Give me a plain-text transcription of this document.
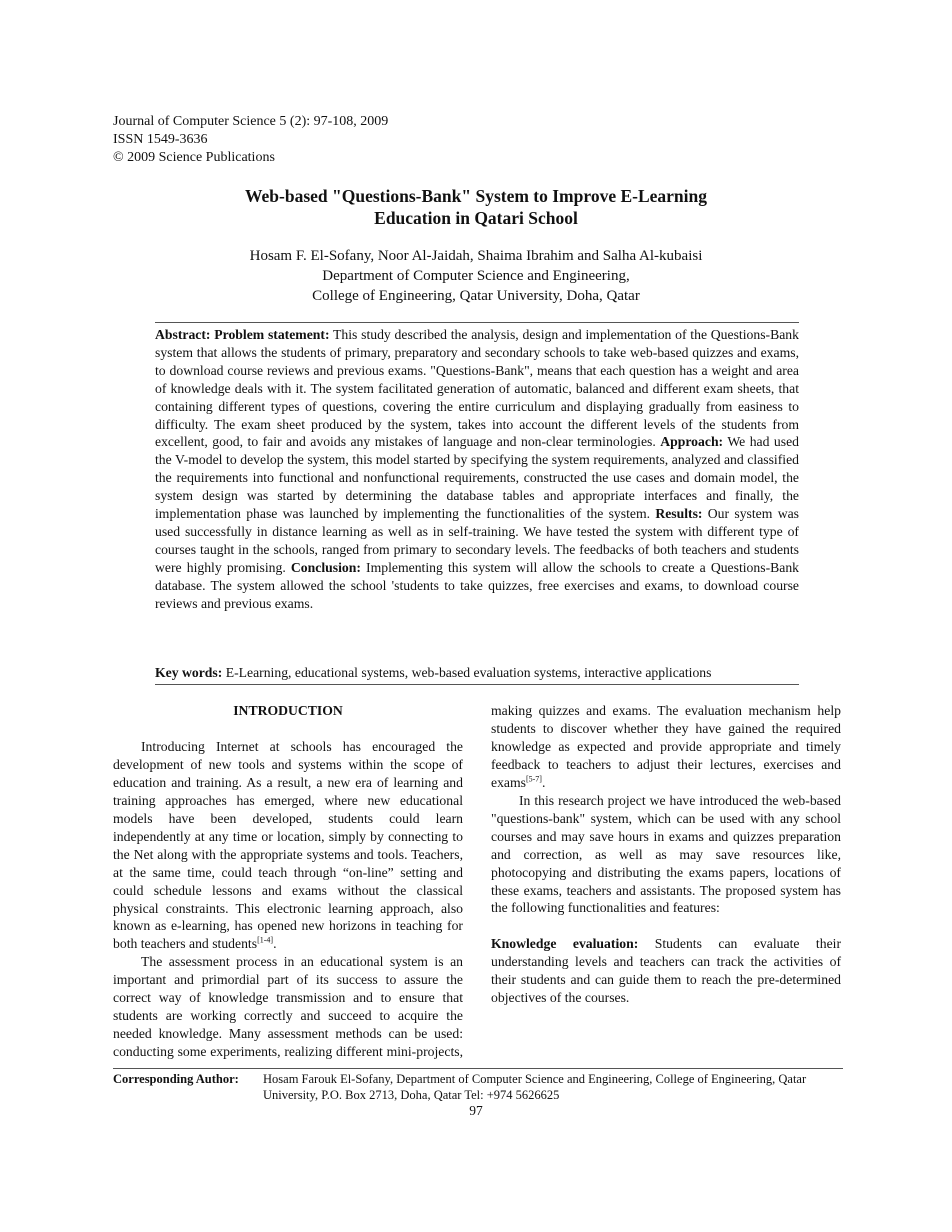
Journal of Computer Science 5 (2): 97-108, 2009
ISSN 1549-3636
© 2009 Science Publications
Web-based "Questions-Bank" System to Improve E-Learning
Education in Qatari School
Hosam F. El-Sofany, Noor Al-Jaidah, Shaima Ibrahim and Salha Al-kubaisi
Department of Computer Science and Engineering,
College of Engineering, Qatar University, Doha, Qatar
Abstract: Problem statement: This study described the analysis, design and implementation of the Questions-Bank system that allows the students of primary, preparatory and secondary schools to take web-based quizzes and exams, to download course reviews and previous exams. "Questions-Bank", means that each question has a weight and area of knowledge deals with it. The system facilitated generation of automatic, balanced and different exam sheets, that containing different types of questions, covering the entire curriculum and displaying gradually from easiness to difficulty. The exam sheet produced by the system, takes into account the different levels of the students from excellent, good, to fair and avoids any mistakes of language and non-clear terminologies. Approach: We had used the V-model to develop the system, this model started by specifying the system requirements, analyzed and classified the requirements into functional and nonfunctional requirements, constructed the use cases and domain model, the system design was started by determining the database tables and appropriate interfaces and finally, the implementation phase was launched by implementing the functionalities of the system. Results: Our system was used successfully in distance learning as well as in self-training. We have tested the system with different type of courses taught in the schools, ranged from primary to secondary levels. The feedbacks of both teachers and students were highly promising. Conclusion: Implementing this system will allow the schools to create a Questions-Bank database. The system allowed the school 'students to take quizzes, free exercises and exams, to download course reviews and previous exams.
Key words: E-Learning, educational systems, web-based evaluation systems, interactive applications

INTRODUCTION

Introducing Internet at schools has encouraged the development of new tools and systems within the scope of education and training. As a result, a new era of learning and training approaches has emerged, where new educational models have been developed, students could learn independently at any time or location, simply by connecting to the Net along with the appropriate systems and tools. Teachers, at the same time, could teach through “on-line” setting and could schedule lessons and exams without the classical physical constraints. This electronic learning approach, also known as e-learning, has opened new horizons in teaching for both teachers and students[1-4].

The assessment process in an educational system is an important and primordial part of its success to assure the correct way of knowledge transmission and to ensure that students are working correctly and succeed to acquire the needed knowledge. Many assessment methods can be used: conducting some experiments, realizing different mini-projects, making quizzes and exams. The evaluation mechanism help students to discover whether they have gained the required knowledge as expected and provide appropriate and timely feedback to teachers to adjust their lectures, exercises and exams[5-7].

In this research project we have introduced the web-based "questions-bank" system, which can be used with any school courses and may save hours in exams and quizzes preparation and correction, as well as may save resources like, photocopying and distributing the exams papers, locations of these exams, teachers and assistants. The proposed system has the following functionalities and features:

Knowledge evaluation: Students can evaluate their understanding levels and teachers can track the activities of their students and can guide them to reach the pre-determined objectives of the courses.

Corresponding Author: Hosam Farouk El-Sofany, Department of Computer Science and Engineering, College of Engineering, Qatar University, P.O. Box 2713, Doha, Qatar Tel: +974 5626625
97
